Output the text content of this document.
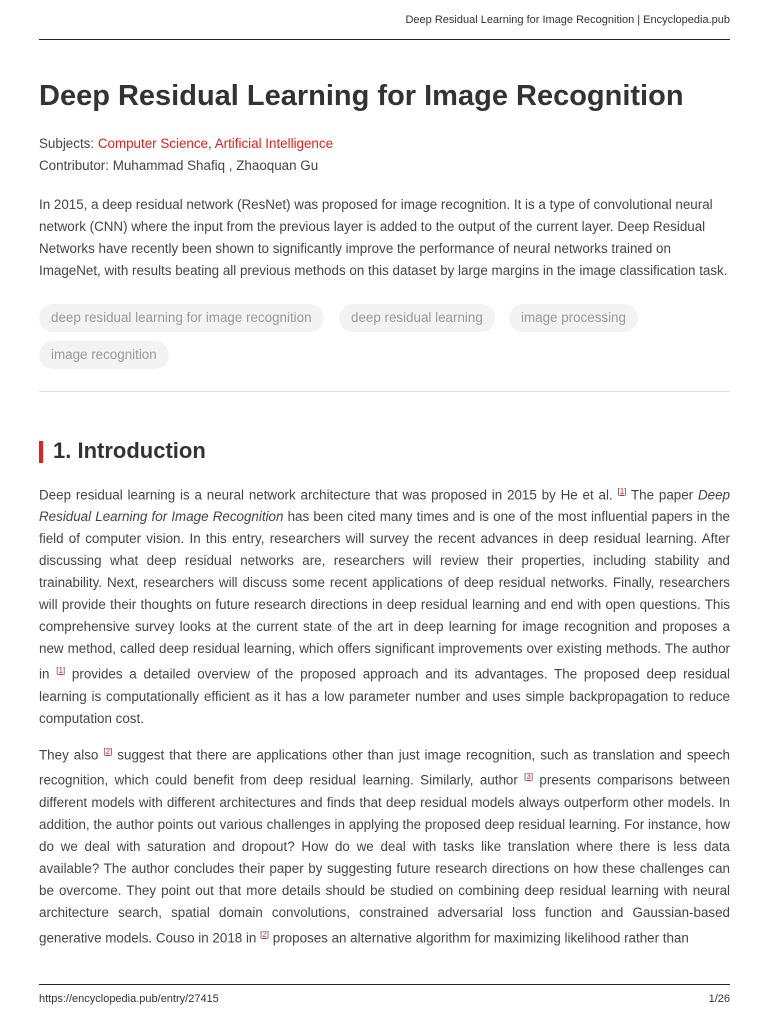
Deep Residual Learning for Image Recognition | Encyclopedia.pub
Deep Residual Learning for Image Recognition
Subjects: Computer Science, Artificial Intelligence
Contributor: Muhammad Shafiq , Zhaoquan Gu

In 2015, a deep residual network (ResNet) was proposed for image recognition. It is a type of convolutional neural network (CNN) where the input from the previous layer is added to the output of the current layer. Deep Residual Networks have recently been shown to significantly improve the performance of neural networks trained on ImageNet, with results beating all previous methods on this dataset by large margins in the image classification task.

deep residual learning for image recognition	deep residual learning	image processing
image recognition
1. Introduction

Deep residual learning is a neural network architecture that was proposed in 2015 by He et al. [1] The paper Deep Residual Learning for Image Recognition has been cited many times and is one of the most influential papers in the field of computer vision. In this entry, researchers will survey the recent advances in deep residual learning. After discussing what deep residual networks are, researchers will review their properties, including stability and trainability. Next, researchers will discuss some recent applications of deep residual networks. Finally, researchers will provide their thoughts on future research directions in deep residual learning and end with open questions. This comprehensive survey looks at the current state of the art in deep learning for image recognition and proposes a new method, called deep residual learning, which offers significant improvements over existing methods. The author in [1] provides a detailed overview of the proposed approach and its advantages. The proposed deep residual learning is computationally efficient as it has a low parameter number and uses simple backpropagation to reduce computation cost.

They also [2] suggest that there are applications other than just image recognition, such as translation and speech recognition, which could benefit from deep residual learning. Similarly, author [3] presents comparisons between different models with different architectures and finds that deep residual models always outperform other models. In addition, the author points out various challenges in applying the proposed deep residual learning. For instance, how do we deal with saturation and dropout? How do we deal with tasks like translation where there is less data available? The author concludes their paper by suggesting future research directions on how these challenges can be overcome. They point out that more details should be studied on combining deep residual learning with neural architecture search, spatial domain convolutions, constrained adversarial loss function and Gaussian-based generative models. Couso in 2018 in [2] proposes an alternative algorithm for maximizing likelihood rather than

https://encyclopedia.pub/entry/27415	1/26
